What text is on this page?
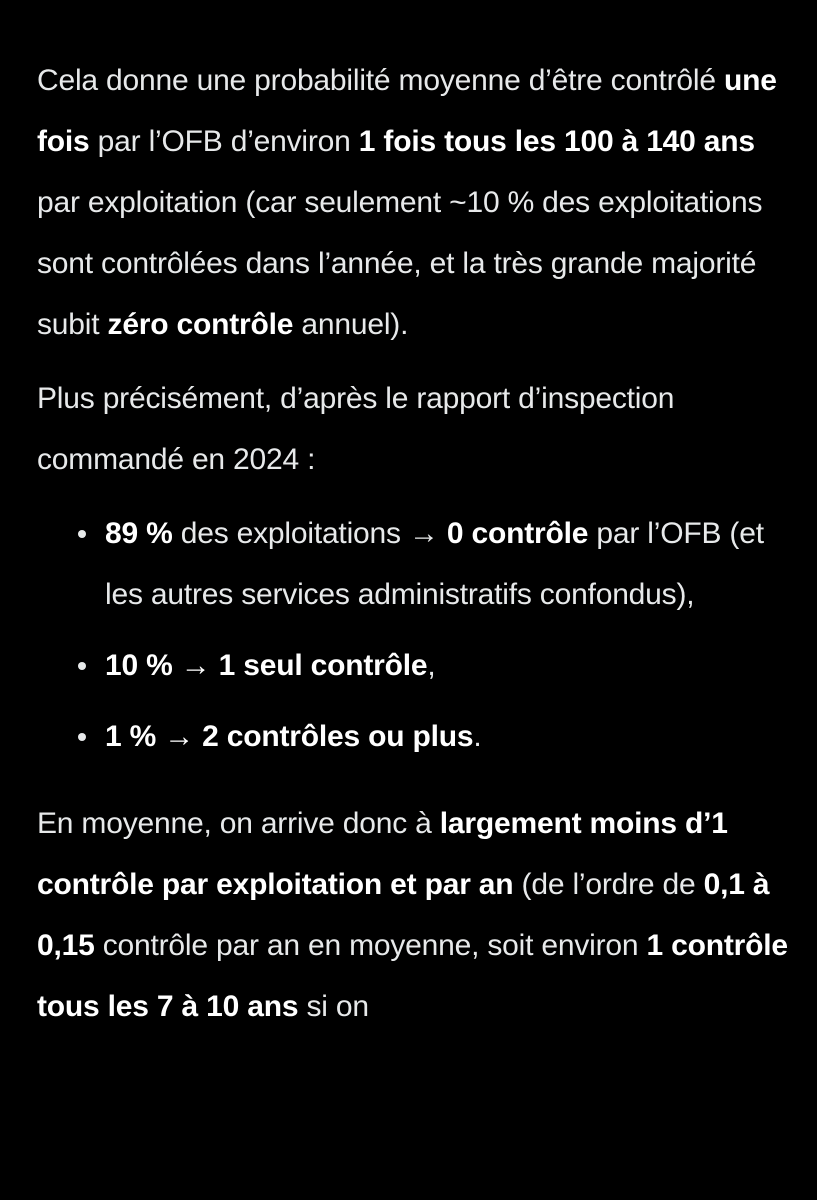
Cela donne une probabilité moyenne d’être contrôlé une fois par l’OFB d’environ 1 fois tous les 100 à 140 ans par exploitation (car seulement ~10 % des exploitations sont contrôlées dans l’année, et la très grande majorité subit zéro contrôle annuel).

Plus précisément, d’après le rapport d’inspection commandé en 2024 :

89 % des exploitations → 0 contrôle par l’OFB (et les autres services administratifs confondus),
10 % → 1 seul contrôle,
1 % → 2 contrôles ou plus.

En moyenne, on arrive donc à largement moins d’1 contrôle par exploitation et par an (de l’ordre de 0,1 à 0,15 contrôle par an en moyenne, soit environ 1 contrôle tous les 7 à 10 ans si on
